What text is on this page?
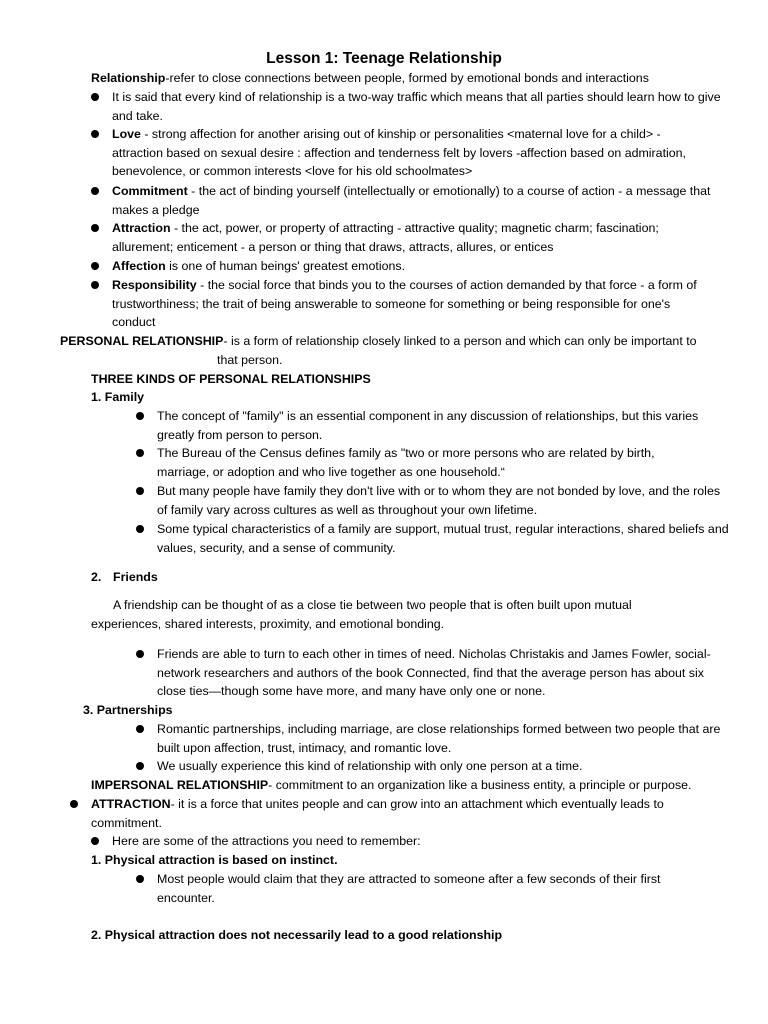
Lesson 1: Teenage Relationship
Relationship-refer to close connections between people, formed by emotional bonds and interactions
It is said that every kind of relationship is a two-way traffic which means that all parties should learn how to give and take.
Love - strong affection for another arising out of kinship or personalities <maternal love for a child> - attraction based on sexual desire : affection and tenderness felt by lovers -affection based on admiration, benevolence, or common interests <love for his old schoolmates>
Commitment - the act of binding yourself (intellectually or emotionally) to a course of action - a message that makes a pledge
Attraction - the act, power, or property of attracting - attractive quality; magnetic charm; fascination; allurement; enticement - a person or thing that draws, attracts, allures, or entices
Affection is one of human beings' greatest emotions.
Responsibility - the social force that binds you to the courses of action demanded by that force - a form of trustworthiness; the trait of being answerable to someone for something or being responsible for one's conduct
PERSONAL RELATIONSHIP- is a form of relationship closely linked to a person and which can only be important to
that person.
THREE KINDS OF PERSONAL RELATIONSHIPS
1. Family
The concept of "family" is an essential component in any discussion of relationships, but this varies greatly from person to person.
The Bureau of the Census defines family as "two or more persons who are related by birth, marriage, or adoption and who live together as one household.“
But many people have family they don't live with or to whom they are not bonded by love, and the roles of family vary across cultures as well as throughout your own lifetime.
Some typical characteristics of a family are support, mutual trust, regular interactions, shared beliefs and values, security, and a sense of community.
2. Friends
A friendship can be thought of as a close tie between two people that is often built upon mutual experiences, shared interests, proximity, and emotional bonding.
Friends are able to turn to each other in times of need. Nicholas Christakis and James Fowler, social-network researchers and authors of the book Connected, find that the average person has about six close ties—though some have more, and many have only one or none.
3. Partnerships
Romantic partnerships, including marriage, are close relationships formed between two people that are built upon affection, trust, intimacy, and romantic love.
We usually experience this kind of relationship with only one person at a time.
IMPERSONAL RELATIONSHIP- commitment to an organization like a business entity, a principle or purpose.
ATTRACTION- it is a force that unites people and can grow into an attachment which eventually leads to commitment.
Here are some of the attractions you need to remember:
1. Physical attraction is based on instinct.
Most people would claim that they are attracted to someone after a few seconds of their first encounter.
2. Physical attraction does not necessarily lead to a good relationship
